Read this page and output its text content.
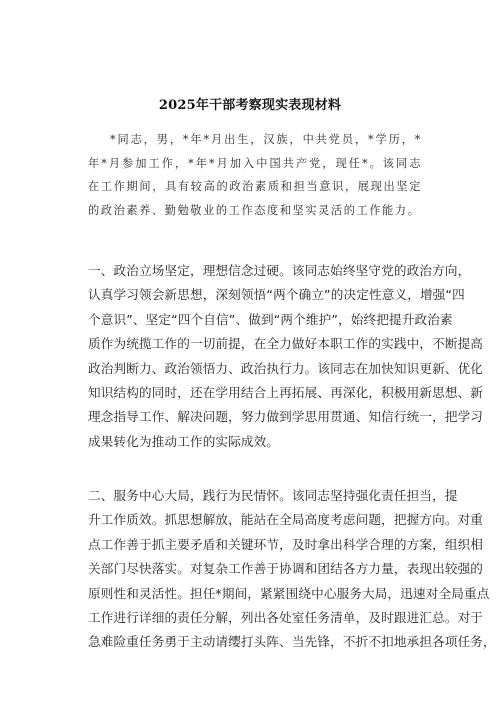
2025年干部考察现实表现材料

*同志，男，*年*月出生，汉族，中共党员，*学历，*年*月参加工作，*年*月加入中国共产党，现任*。该同志在工作期间，具有较高的政治素质和担当意识，展现出坚定的政治素养、勤勉敬业的工作态度和坚实灵活的工作能力。

一、政治立场坚定，理想信念过硬。该同志始终坚守党的政治方向，
认真学习领会新思想，深刻领悟“两个确立”的决定性意义，增强“四
个意识”、坚定“四个自信”、做到“两个维护”，始终把提升政治素
质作为统揽工作的一切前提，在全力做好本职工作的实践中，不断提高
政治判断力、政治领悟力、政治执行力。该同志在加快知识更新、优化
知识结构的同时，还在学用结合上再拓展、再深化，积极用新思想、新
理念指导工作、解决问题，努力做到学思用贯通、知信行统一，把学习
成果转化为推动工作的实际成效。
二、服务中心大局，践行为民情怀。该同志坚持强化责任担当，提
升工作质效。抓思想解放，能站在全局高度考虑问题，把握方向。对重
点工作善于抓主要矛盾和关键环节，及时拿出科学合理的方案，组织相
关部门尽快落实。对复杂工作善于协调和团结各方力量，表现出较强的
原则性和灵活性。担任*期间，紧紧围绕中心服务大局，迅速对全局重点
工作进行详细的责任分解，列出各处室任务清单，及时跟进汇总。对于
急难险重任务勇于主动请缨打头阵、当先锋，不折不扣地承担各项任务，
